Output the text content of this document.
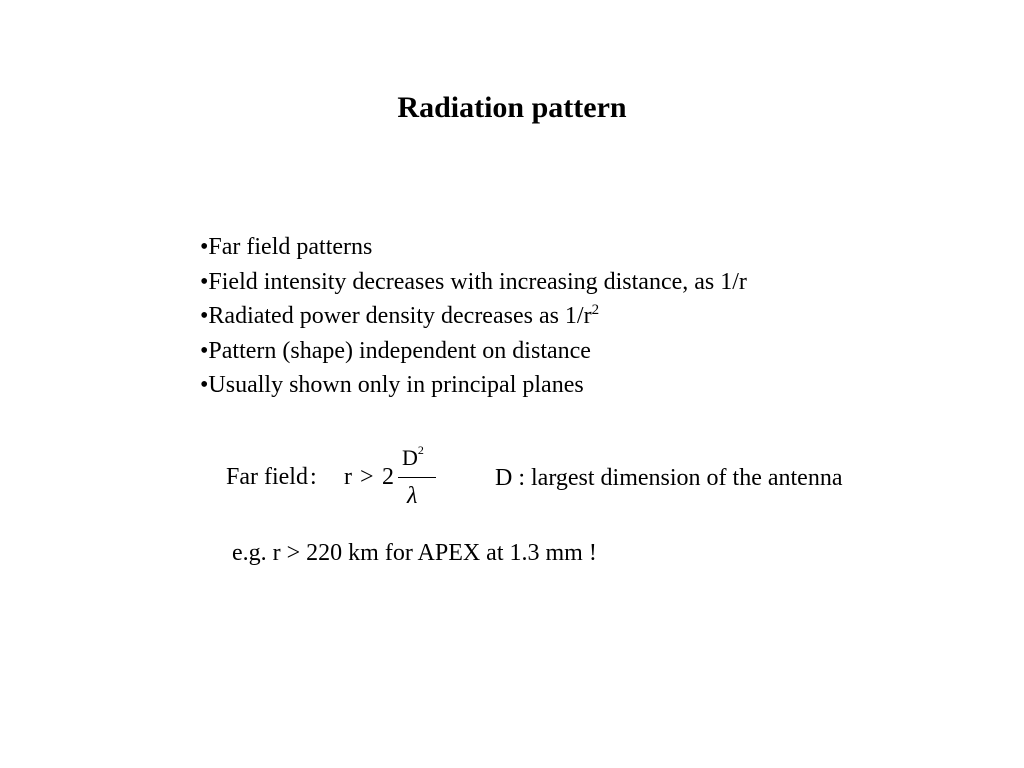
Radiation pattern
•Far field patterns
•Field intensity decreases with increasing distance, as 1/r
•Radiated power density decreases as $1/r^2$
•Pattern (shape) independent on distance
•Usually shown only in principal planes
Far field: r > 2
$D^2$
λ
D : largest dimension of the antenna
e.g. r > 220 km for APEX at 1.3 mm !
